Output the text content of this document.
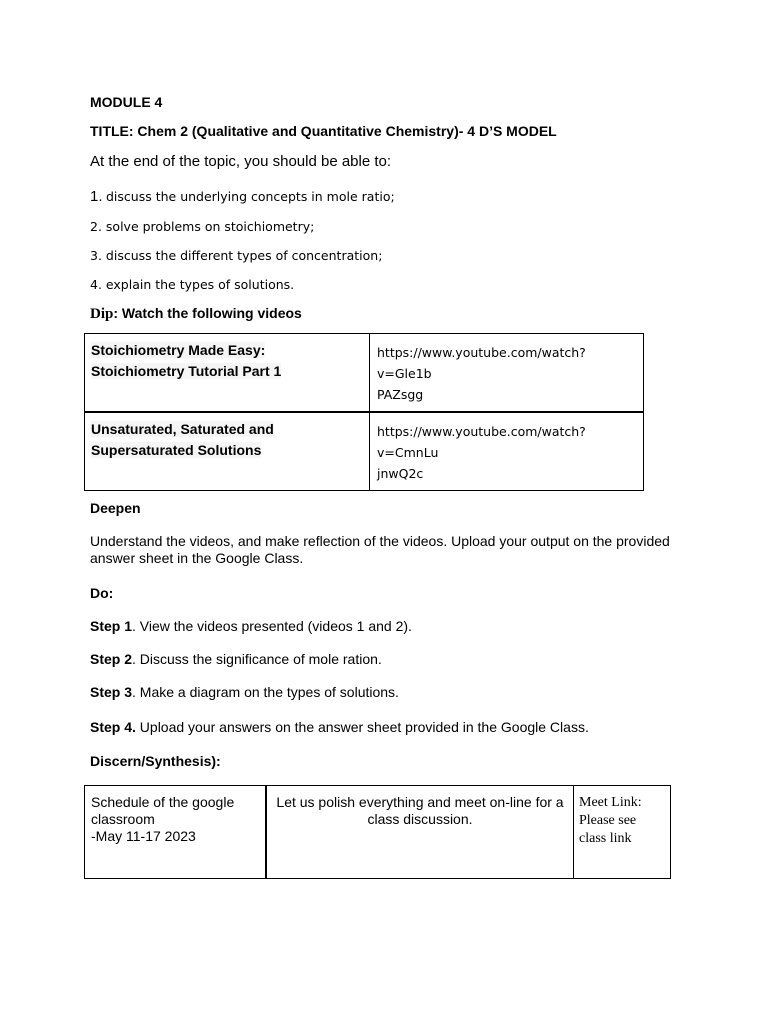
MODULE 4
TITLE: Chem 2 (Qualitative and Quantitative Chemistry)- 4 D’S MODEL
At the end of the topic, you should be able to:
1. discuss the underlying concepts in mole ratio;
2. solve problems on stoichiometry;
3. discuss the different types of concentration;
4. explain the types of solutions.
Dip: Watch the following videos
Stoichiometry Made Easy:
Stoichiometry Tutorial Part 1	https://www.youtube.com/watch?v=Gle1b
PAZsgg
Unsaturated, Saturated and
Supersaturated Solutions	https://www.youtube.com/watch?v=CmnLu
jnwQ2c
Deepen
Understand the videos, and make reflection of the videos. Upload your output on the provided answer sheet in the Google Class.
Do:
Step 1. View the videos presented (videos 1 and 2).
Step 2. Discuss the significance of mole ration.
Step 3. Make a diagram on the types of solutions.
Step 4. Upload your answers on the answer sheet provided in the Google Class.
Discern/Synthesis):
Schedule of the google
classroom
-May 11-17 2023	Let us polish everything and meet on-line for a class discussion.	Meet Link:
Please see
class link
